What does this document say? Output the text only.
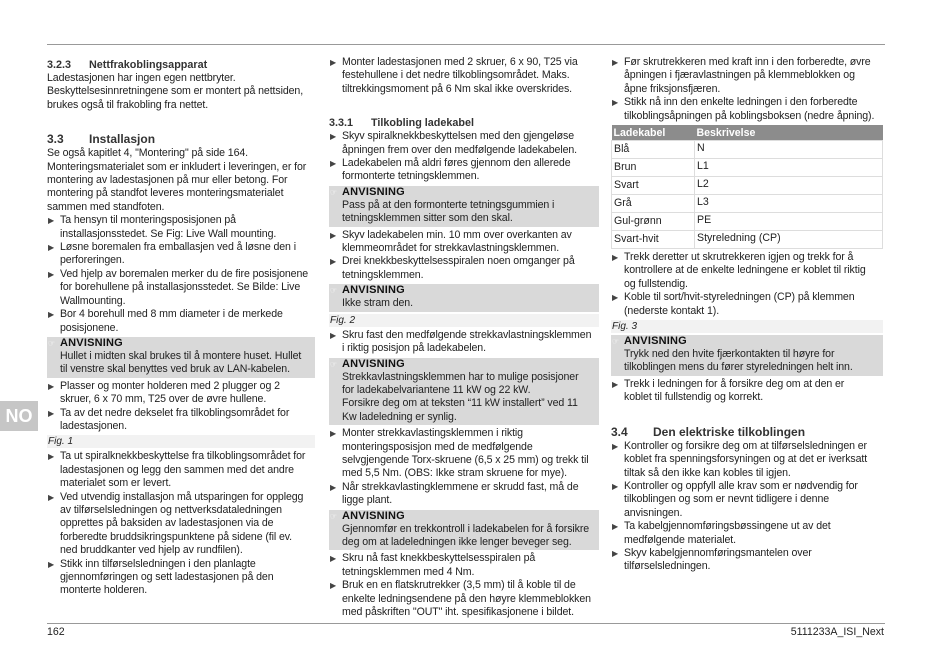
3.2.3 Nettfrakoblingsapparat
Ladestasjonen har ingen egen nettbryter.
Beskyttelsesinnretningene som er montert på nettsiden,
brukes også til frakobling fra nettet.
3.3 Installasjon
Se også kapitlet 4, "Montering" på side 164.
Monteringsmaterialet som er inkludert i leveringen, er for
montering av ladestasjonen på mur eller betong. For
montering på standfot leveres monteringsmaterialet
sammen med standfoten.
▶ Ta hensyn til monteringsposisjonen på
installasjonsstedet. Se Fig: Live Wall mounting.
▶ Løsne boremalen fra emballasjen ved å løsne den i
perforeringen.
▶ Ved hjelp av boremalen merker du de fire posisjonene
for borehullene på installasjonsstedet. Se Bilde: Live
Wallmounting.
▶ Bor 4 borehull med 8 mm diameter i de merkede
posisjonene.
☞ ANVISNING
Hullet i midten skal brukes til å montere huset. Hullet
til venstre skal benyttes ved bruk av LAN-kabelen.
▶ Plasser og monter holderen med 2 plugger og 2
skruer, 6 x 70 mm, T25 over de øvre hullene.
▶ Ta av det nedre dekselet fra tilkoblingsområdet for
ladestasjonen.
Fig. 1
▶ Ta ut spiralknekkbeskyttelse fra tilkoblingsområdet for
ladestasjonen og legg den sammen med det andre
materialet som er levert.
▶ Ved utvendig installasjon må utsparingen for opplegg
av tilførselsledningen og nettverksdataledningen
opprettes på baksiden av ladestasjonen via de
forberedte bruddsikringspunktene på sidene (fil ev.
ned bruddkanter ved hjelp av rundfilen).
▶ Stikk inn tilførselsledningen i den planlagte
gjennomføringen og sett ladestasjonen på den
monterte holderen.
▶ Monter ladestasjonen med 2 skruer, 6 x 90, T25 via
festehullene i det nedre tilkoblingsområdet. Maks.
tiltrekkingsmoment på 6 Nm skal ikke overskrides.
3.3.1 Tilkobling ladekabel
▶ Skyv spiralknekkbeskyttelsen med den gjengeløse
åpningen frem over den medfølgende ladekabelen.
▶ Ladekabelen må aldri føres gjennom den allerede
formonterte tetningsklemmen.
☞ ANVISNING
Pass på at den formonterte tetningsgummien i
tetningsklemmen sitter som den skal.
▶ Skyv ladekabelen min. 10 mm over overkanten av
klemmeområdet for strekkavlastningsklemmen.
▶ Drei knekkbeskyttelsesspiralen noen omganger på
tetningsklemmen.
☞ ANVISNING
Ikke stram den.
Fig. 2
▶ Skru fast den medfølgende strekkavlastningsklemmen
i riktig posisjon på ladekabelen.
☞ ANVISNING
Strekkavlastningsklemmen har to mulige posisjoner
for ladekabelvariantene 11 kW og 22 kW.
Forsikre deg om at teksten “11 kW installert” ved 11
Kw ladeledning er synlig.
▶ Monter strekkavlastingsklemmen i riktig
monteringsposisjon med de medfølgende
selvgjengende Torx-skruene (6,5 x 25 mm) og trekk til
med 5,5 Nm. (OBS: Ikke stram skruene for mye).
▶ Når strekkavlastingklemmene er skrudd fast, må de
ligge plant.
☞ ANVISNING
Gjennomfør en trekkontroll i ladekabelen for å forsikre
deg om at ladeledningen ikke lenger beveger seg.
▶ Skru nå fast knekkbeskyttelsesspiralen på
tetningsklemmen med 4 Nm.
▶ Bruk en en flatskrutrekker (3,5 mm) til å koble til de
enkelte ledningsendene på den høyre klemmeblokken
med påskriften "OUT" iht. spesifikasjonene i bildet.
▶ Før skrutrekkeren med kraft inn i den forberedte, øvre
åpningen i fjæravlastningen på klemmeblokken og
åpne friksjonsfjæren.
▶ Stikk nå inn den enkelte ledningen i den forberedte
tilkoblingsåpningen på koblingsboksen (nedre åpning).
Ladekabel	Beskrivelse
Blå	N
Brun	L1
Svart	L2
Grå	L3
Gul-grønn	PE
Svart-hvit	Styreledning (CP)
▶ Trekk deretter ut skrutrekkeren igjen og trekk for å
kontrollere at de enkelte ledningene er koblet til riktig
og fullstendig.
▶ Koble til sort/hvit-styreledningen (CP) på klemmen
(nederste kontakt 1).
Fig. 3
☞ ANVISNING
Trykk ned den hvite fjærkontakten til høyre for
tilkoblingen mens du fører styreledningen helt inn.
▶ Trekk i ledningen for å forsikre deg om at den er
koblet til fullstendig og korrekt.
3.4 Den elektriske tilkoblingen
▶ Kontroller og forsikre deg om at tilførselsledningen er
koblet fra spenningsforsyningen og at det er iverksatt
tiltak så den ikke kan kobles til igjen.
▶ Kontroller og oppfyll alle krav som er nødvendig for
tilkoblingen og som er nevnt tidligere i denne
anvisningen.
▶ Ta kabelgjennomføringsbøssingene ut av det
medfølgende materialet.
▶ Skyv kabelgjennomføringsmantelen over
tilførselsledningen.
NO
162	5111233A_ISI_Next
